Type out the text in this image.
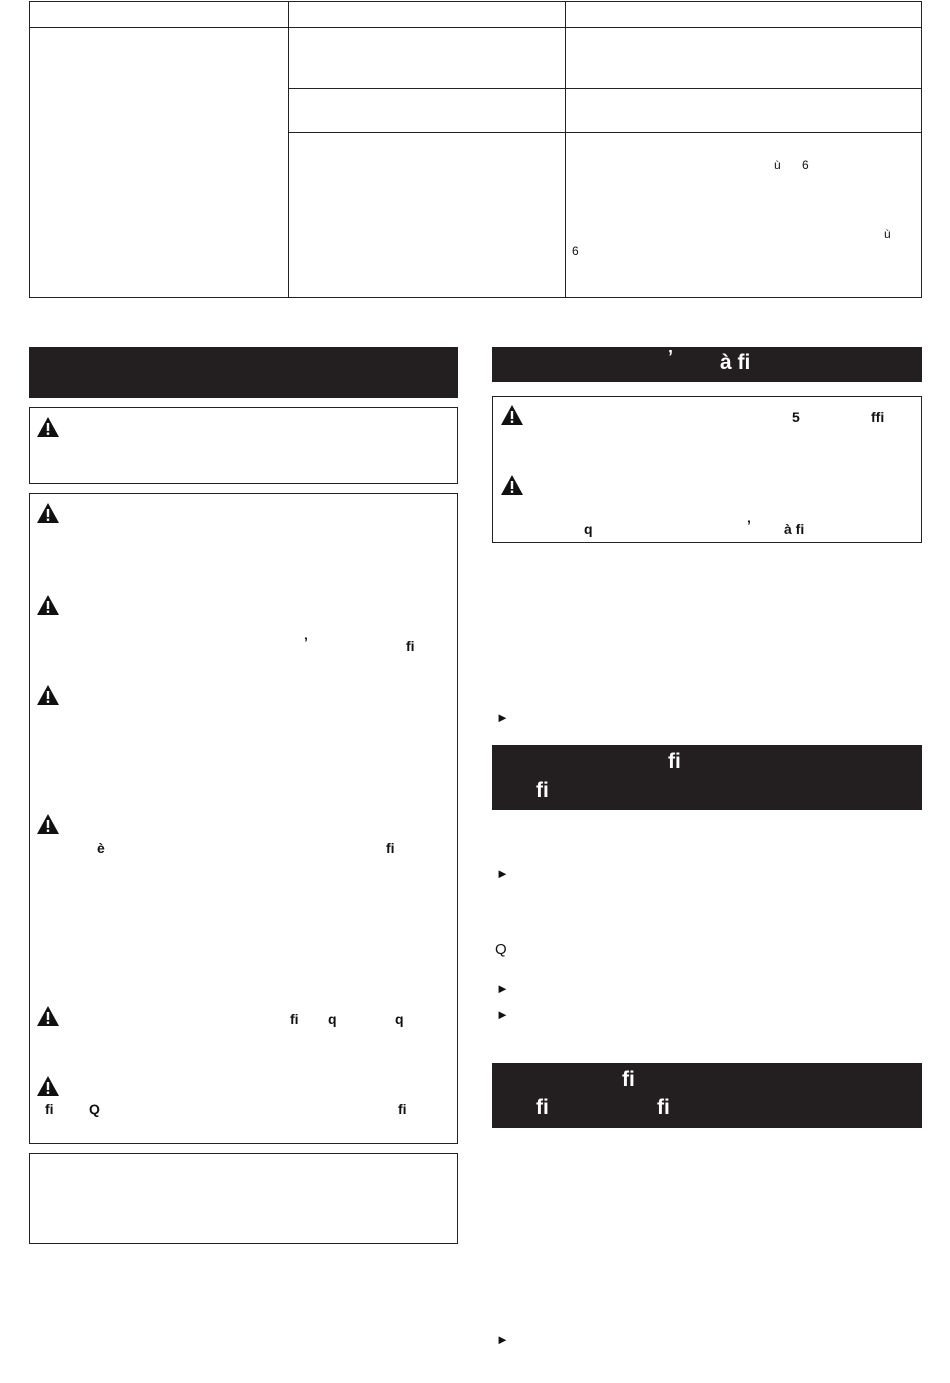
ù 6
ù
6
’	fi
è	fi
fi q	q
fi	Q	fi
’ à fi
5	ffi
q	’ à fi
►
fi
fi
►
Q
►
►
fi
fi	fi
►
